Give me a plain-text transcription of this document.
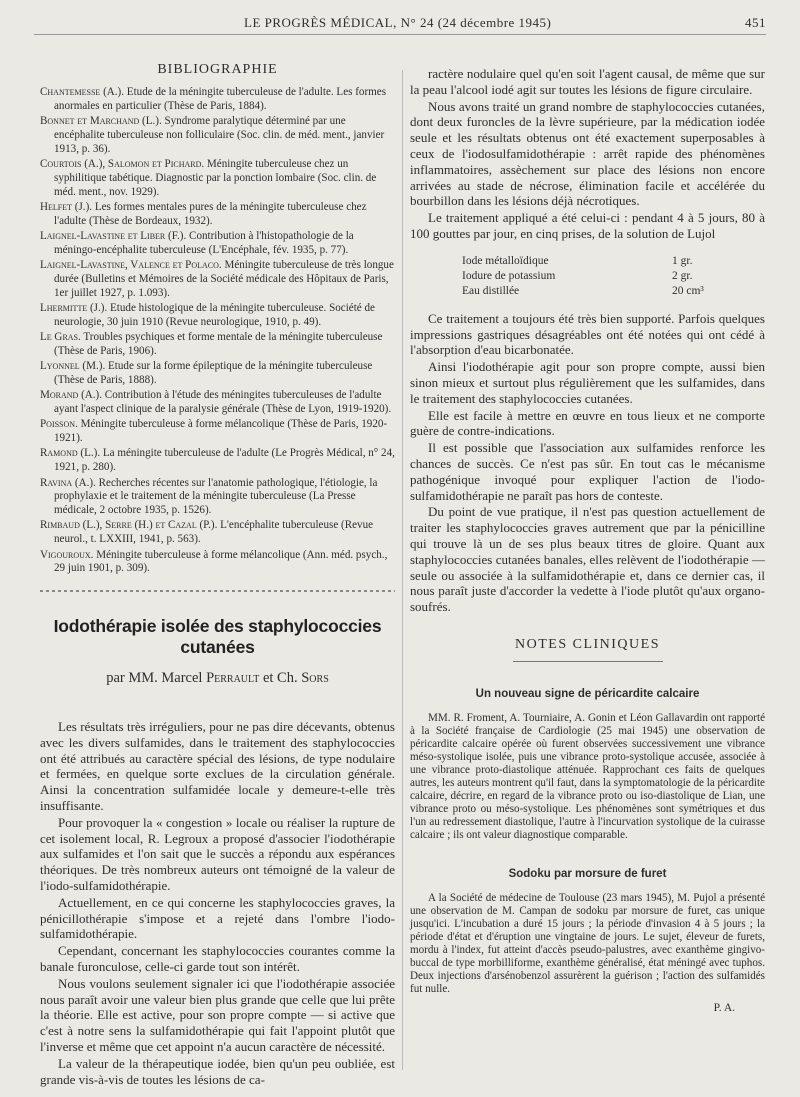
LE PROGRÈS MÉDICAL, N° 24 (24 décembre 1945)	451
BIBLIOGRAPHIE
Chantemesse (A.). Etude de la méningite tuberculeuse de l'adulte. Les formes anormales en particulier (Thèse de Paris, 1884).
Bonnet et Marchand (L.). Syndrome paralytique déterminé par une encéphalite tuberculeuse non folliculaire (Soc. clin. de méd. ment., janvier 1913, p. 36).
Courtois (A.), Salomon et Pichard. Méningite tuberculeuse chez un syphilitique tabétique. Diagnostic par la ponction lombaire (Soc. clin. de méd. ment., nov. 1929).
Helfet (J.). Les formes mentales pures de la méningite tuberculeuse chez l'adulte (Thèse de Bordeaux, 1932).
Laignel-Lavastine et Liber (F.). Contribution à l'histopathologie de la méningo-encéphalite tuberculeuse (L'Encéphale, fév. 1935, p. 77).
Laignel-Lavastine, Valence et Polaco. Méningite tuberculeuse de très longue durée (Bulletins et Mémoires de la Société médicale des Hôpitaux de Paris, 1er juillet 1927, p. 1.093).
Lhermitte (J.). Etude histologique de la méningite tuberculeuse. Société de neurologie, 30 juin 1910 (Revue neurologique, 1910, p. 49).
Le Gras. Troubles psychiques et forme mentale de la méningite tuberculeuse (Thèse de Paris, 1906).
Lyonnel (M.). Etude sur la forme épileptique de la méningite tuberculeuse (Thèse de Paris, 1888).
Morand (A.). Contribution à l'étude des méningites tuberculeuses de l'adulte ayant l'aspect clinique de la paralysie générale (Thèse de Lyon, 1919-1920).
Poisson. Méningite tuberculeuse à forme mélancolique (Thèse de Paris, 1920-1921).
Ramond (L.). La méningite tuberculeuse de l'adulte (Le Progrès Médical, n° 24, 1921, p. 280).
Ravina (A.). Recherches récentes sur l'anatomie pathologique, l'étiologie, la prophylaxie et le traitement de la méningite tuberculeuse (La Presse médicale, 2 octobre 1935, p. 1526).
Rimbaud (L.), Serre (H.) et Cazal (P.). L'encéphalite tuberculeuse (Revue neurol., t. LXXIII, 1941, p. 563).
Vigouroux. Méningite tuberculeuse à forme mélancolique (Ann. méd. psych., 29 juin 1901, p. 309).
Iodothérapie isolée des staphylococcies cutanées
par MM. Marcel Perrault et Ch. Sors

Les résultats très irréguliers, pour ne pas dire décevants, obtenus avec les divers sulfamides, dans le traitement des staphylococcies ont été attribués au caractère spécial des lésions, de type nodulaire et fermées, en quelque sorte exclues de la circulation générale. Ainsi la concentration sulfamidée locale y demeure-t-elle très insuffisante.

Pour provoquer la « congestion » locale ou réaliser la rupture de cet isolement local, R. Legroux a proposé d'associer l'iodothérapie aux sulfamides et l'on sait que le succès a répondu aux espérances théoriques. De très nombreux auteurs ont témoigné de la valeur de l'iodo-sulfamidothérapie.

Actuellement, en ce qui concerne les staphylococcies graves, la pénicillothérapie s'impose et a rejeté dans l'ombre l'iodo-sulfamidothérapie.

Cependant, concernant les staphylococcies courantes comme la banale furonculose, celle-ci garde tout son intérêt.

Nous voulons seulement signaler ici que l'iodothérapie associée nous paraît avoir une valeur bien plus grande que celle que lui prête la théorie. Elle est active, pour son propre compte — si active que c'est à notre sens la sulfamidothérapie qui fait l'appoint plutôt que l'inverse et même que cet appoint n'a aucun caractère de nécessité.

La valeur de la thérapeutique iodée, bien qu'un peu oubliée, est grande vis-à-vis de toutes les lésions de ca-

ractère nodulaire quel qu'en soit l'agent causal, de même que sur la peau l'alcool iodé agit sur toutes les lésions de figure circulaire.

Nous avons traité un grand nombre de staphylococcies cutanées, dont deux furoncles de la lèvre supérieure, par la médication iodée seule et les résultats obtenus ont été exactement superposables à ceux de l'iodosulfamidothérapie : arrêt rapide des phénomènes inflammatoires, assèchement sur place des lésions non encore arrivées au stade de nécrose, élimination facile et accélérée du bourbillon dans les lésions déjà nécrotiques.

Le traitement appliqué a été celui-ci : pendant 4 à 5 jours, 80 à 100 gouttes par jour, en cinq prises, de la solution de Lujol

Iode métalloïdique	1 gr.
Iodure de potassium	2 gr.
Eau distillée	20 cm³

Ce traitement a toujours été très bien supporté. Parfois quelques impressions gastriques désagréables ont été notées qui ont cédé à l'absorption d'eau bicarbonatée.

Ainsi l'iodothérapie agit pour son propre compte, aussi bien sinon mieux et surtout plus régulièrement que les sulfamides, dans le traitement des staphylococcies cutanées.

Elle est facile à mettre en œuvre en tous lieux et ne comporte guère de contre-indications.

Il est possible que l'association aux sulfamides renforce les chances de succès. Ce n'est pas sûr. En tout cas le mécanisme pathogénique invoqué pour expliquer l'action de l'iodo-sulfamidothérapie ne paraît pas hors de conteste.

Du point de vue pratique, il n'est pas question actuellement de traiter les staphylococcies graves autrement que par la pénicilline qui trouve là un de ses plus beaux titres de gloire. Quant aux staphylococcies cutanées banales, elles relèvent de l'iodothérapie — seule ou associée à la sulfamidothérapie et, dans ce dernier cas, il nous paraît juste d'accorder la vedette à l'iode plutôt qu'aux organo-soufrés.

NOTES CLINIQUES
Un nouveau signe de péricardite calcaire

MM. R. Froment, A. Tourniaire, A. Gonin et Léon Gallavardin ont rapporté à la Société française de Cardiologie (25 mai 1945) une observation de péricardite calcaire opérée où furent observées successivement une vibrance méso-systolique isolée, puis une vibrance proto-systolique accusée, associée à une vibrance proto-diastolique atténuée. Rapprochant ces faits de quelques autres, les auteurs montrent qu'il faut, dans la symptomatologie de la péricardite calcaire, décrire, en regard de la vibrance proto ou iso-diastolique de Lian, une vibrance proto ou méso-systolique. Les phénomènes sont symétriques et dus l'un au redressement diastolique, l'autre à l'incurvation systolique de la cuirasse calcaire ; ils ont valeur diagnostique comparable.

Sodoku par morsure de furet

A la Société de médecine de Toulouse (23 mars 1945), M. Pujol a présenté une observation de M. Campan de sodoku par morsure de furet, cas unique jusqu'ici. L'incubation a duré 15 jours ; la période d'invasion 4 à 5 jours ; la période d'état et d'éruption une vingtaine de jours. Le sujet, éleveur de furets, mordu à l'index, fut atteint d'accès pseudo-palustres, avec exanthème gingivo-buccal de type morbilliforme, exanthème généralisé, état méningé avec tuphos. Deux injections d'arsénobenzol assurèrent la guérison ; l'action des sulfamidés fut nulle.

P. A.
